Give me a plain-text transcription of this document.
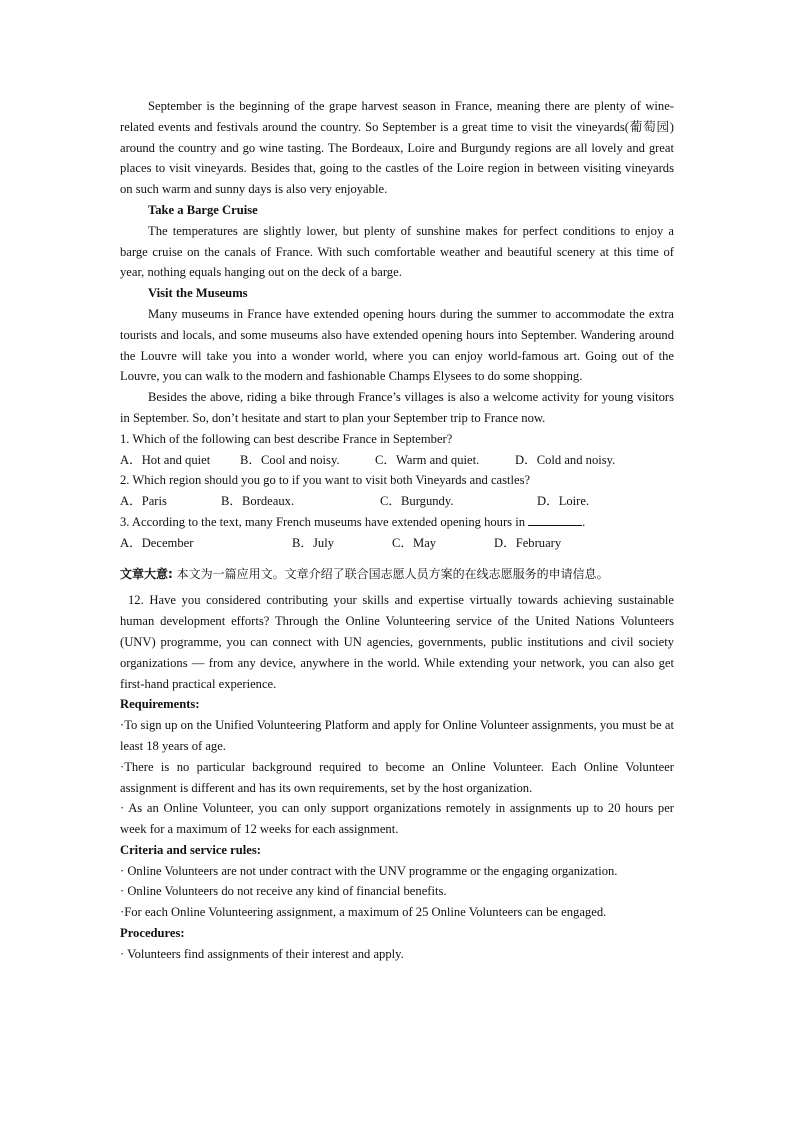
September is the beginning of the grape harvest season in France, meaning there are plenty of wine-related events and festivals around the country. So September is a great time to visit the vineyards(葡萄园) around the country and go wine tasting. The Bordeaux, Loire and Burgundy regions are all lovely and great places to visit vineyards. Besides that, going to the castles of the Loire region in between visiting vineyards on such warm and sunny days is also very enjoyable.

Take a Barge Cruise

The temperatures are slightly lower, but plenty of sunshine makes for perfect conditions to enjoy a barge cruise on the canals of France. With such comfortable weather and beautiful scenery at this time of year, nothing equals hanging out on the deck of a barge.

Visit the Museums

Many museums in France have extended opening hours during the summer to accommodate the extra tourists and locals, and some museums also have extended opening hours into September. Wandering around the Louvre will take you into a wonder world, where you can enjoy world-famous art. Going out of the Louvre, you can walk to the modern and fashionable Champs Elysees to do some shopping.

Besides the above, riding a bike through France’s villages is also a welcome activity for young visitors in September. So, don’t hesitate and start to plan your September trip to France now.

1. Which of the following can best describe France in September?

A．Hot and quiet	B．Cool and noisy.	C．Warm and quiet.	D．Cold and noisy.

2. Which region should you go to if you want to visit both Vineyards and castles?

A．Paris	B．Bordeaux.	C．Burgundy.	D．Loire.

3. According to the text, many French museums have extended opening hours in	.

A．December	B．July	C．May	D．February

文章大意: 本文为一篇应用文。文章介绍了联合国志愿人员方案的在线志愿服务的申请信息。

12. Have you considered contributing your skills and expertise virtually towards achieving sustainable human development efforts? Through the Online Volunteering service of the United Nations Volunteers (UNV) programme, you can connect with UN agencies, governments, public institutions and civil society organizations — from any device, anywhere in the world. While extending your network, you can also get first-hand practical experience.

Requirements:

·To sign up on the Unified Volunteering Platform and apply for Online Volunteer assignments, you must be at least 18 years of age.

·There is no particular background required to become an Online Volunteer. Each Online Volunteer assignment is different and has its own requirements, set by the host organization.

· As an Online Volunteer, you can only support organizations remotely in assignments up to 20 hours per week for a maximum of 12 weeks for each assignment.

Criteria and service rules:

· Online Volunteers are not under contract with the UNV programme or the engaging organization.

· Online Volunteers do not receive any kind of financial benefits.

·For each Online Volunteering assignment, a maximum of 25 Online Volunteers can be engaged.

Procedures:

· Volunteers find assignments of their interest and apply.
